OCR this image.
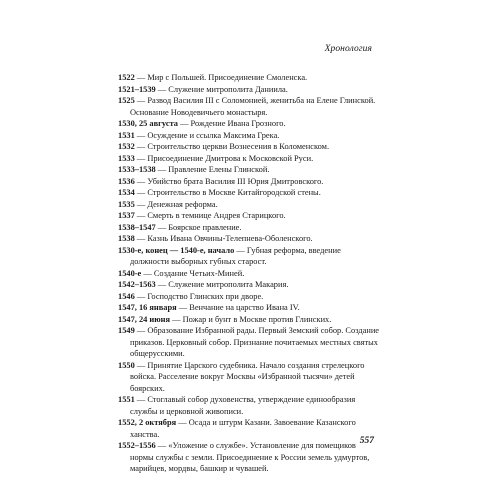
Хронология
1522 — Мир с Польшей. Присоединение Смоленска.
1521–1539 — Служение митрополита Даниила.
1525 — Развод Василия III с Соломонией, женитьба на Елене Глинской. Основание Новодевичьего монастыря.
1530, 25 августа — Рождение Ивана Грозного.
1531 — Осуждение и ссылка Максима Грека.
1532 — Строительство церкви Вознесения в Коломенском.
1533 — Присоединение Дмитрова к Московской Руси.
1533–1538 — Правление Елены Глинской.
1536 — Убийство брата Василия III Юрия Дмитровского.
1534 — Строительство в Москве Китайгородской стены.
1535 — Денежная реформа.
1537 — Смерть в темнице Андрея Старицкого.
1538–1547 — Боярское правление.
1538 — Казнь Ивана Овчины-Телепнева-Оболенского.
1530-е, конец — 1540-е, начало — Губная реформа, введение должности выборных губных старост.
1540-е — Создание Четьих-Миней.
1542–1563 — Служение митрополита Макария.
1546 — Господство Глинских при дворе.
1547, 16 января — Венчание на царство Ивана IV.
1547, 24 июня — Пожар и бунт в Москве против Глинских.
1549 — Образование Избранной рады. Первый Земский собор. Создание приказов. Церковный собор. Признание почитаемых местных святых общерусскими.
1550 — Принятие Царского судебника. Начало создания стрелецкого войска. Расселение вокруг Москвы «Избранной тысячи» детей боярских.
1551 — Стоглавый собор духовенства, утверждение единообразия службы и церковной живописи.
1552, 2 октября — Осада и штурм Казани. Завоевание Казанского ханства.
1552–1556 — «Уложение о службе». Установление для помещиков нормы службы с земли. Присоединение к России земель удмуртов, марийцев, мордвы, башкир и чувашей.
557
